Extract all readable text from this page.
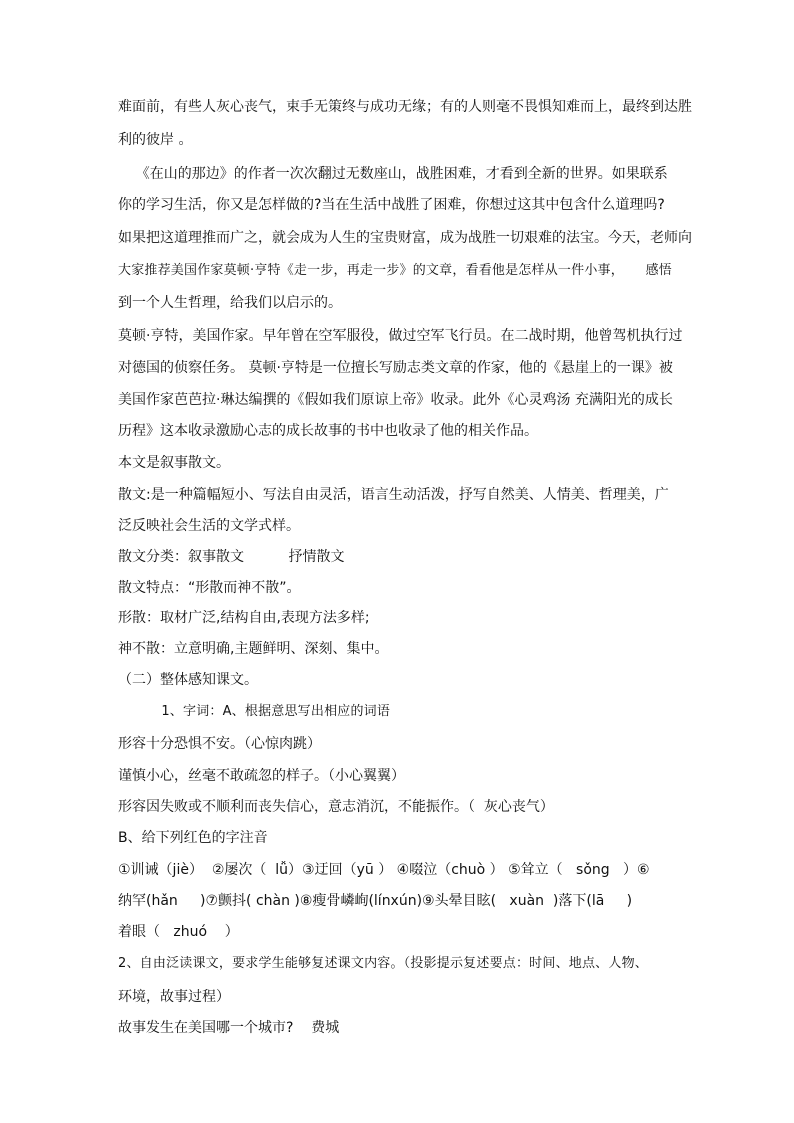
难面前，有些人灰心丧气，束手无策终与成功无缘；有的人则毫不畏惧知难而上，最终到达胜
利的彼岸 。
《在山的那边》的作者一次次翻过无数座山，战胜困难，才看到全新的世界。如果联系
你的学习生活，你又是怎样做的?当在生活中战胜了困难，你想过这其中包含什么道理吗?
如果把这道理推而广之，就会成为人生的宝贵财富，成为战胜一切艰难的法宝。今天，老师向
大家推荐美国作家莫顿·亨特《走一步，再走一步》的文章，看看他是怎样从一件小事，     感悟
到一个人生哲理，给我们以启示的。
莫顿·亨特，美国作家。早年曾在空军服役，做过空军飞行员。在二战时期，他曾驾机执行过
对德国的侦察任务。 莫顿·亨特是一位擅长写励志类文章的作家，他的《悬崖上的一课》被
美国作家芭芭拉·琳达编撰的《假如我们原谅上帝》收录。此外《心灵鸡汤 充满阳光的成长
历程》这本收录激励心志的成长故事的书中也收录了他的相关作品。
本文是叙事散文。
散文:是一种篇幅短小、写法自由灵活，语言生动活泼，抒写自然美、人情美、哲理美，广
泛反映社会生活的文学式样。
散文分类：叙事散文          抒情散文
散文特点：“形散而神不散”。
形散：取材广泛,结构自由,表现方法多样;
神不散：立意明确,主题鲜明、深刻、集中。
（二）整体感知课文。
1、字词：A、根据意思写出相应的词语
形容十分恐惧不安。（心惊肉跳）
谨慎小心，丝毫不敢疏忽的样子。（小心翼翼）
形容因失败或不顺利而丧失信心，意志消沉，不能振作。（  灰心丧气）
B、给下列红色的字注音
①训诫（jiè）  ②屡次（  lǚ）③迂回（yū ） ④啜泣（chuò ） ⑤耸立（   sǒng   ）⑥
纳罕(hǎn     )⑦颤抖( chàn )⑧瘦骨嶙峋(línxún)⑨头晕目眩(   xuàn  )落下(lā     )
着眼（   zhuó    ）
2、自由泛读课文，要求学生能够复述课文内容。（投影提示复述要点：时间、地点、人物、
环境，故事过程）
故事发生在美国哪一个城市?    费城
